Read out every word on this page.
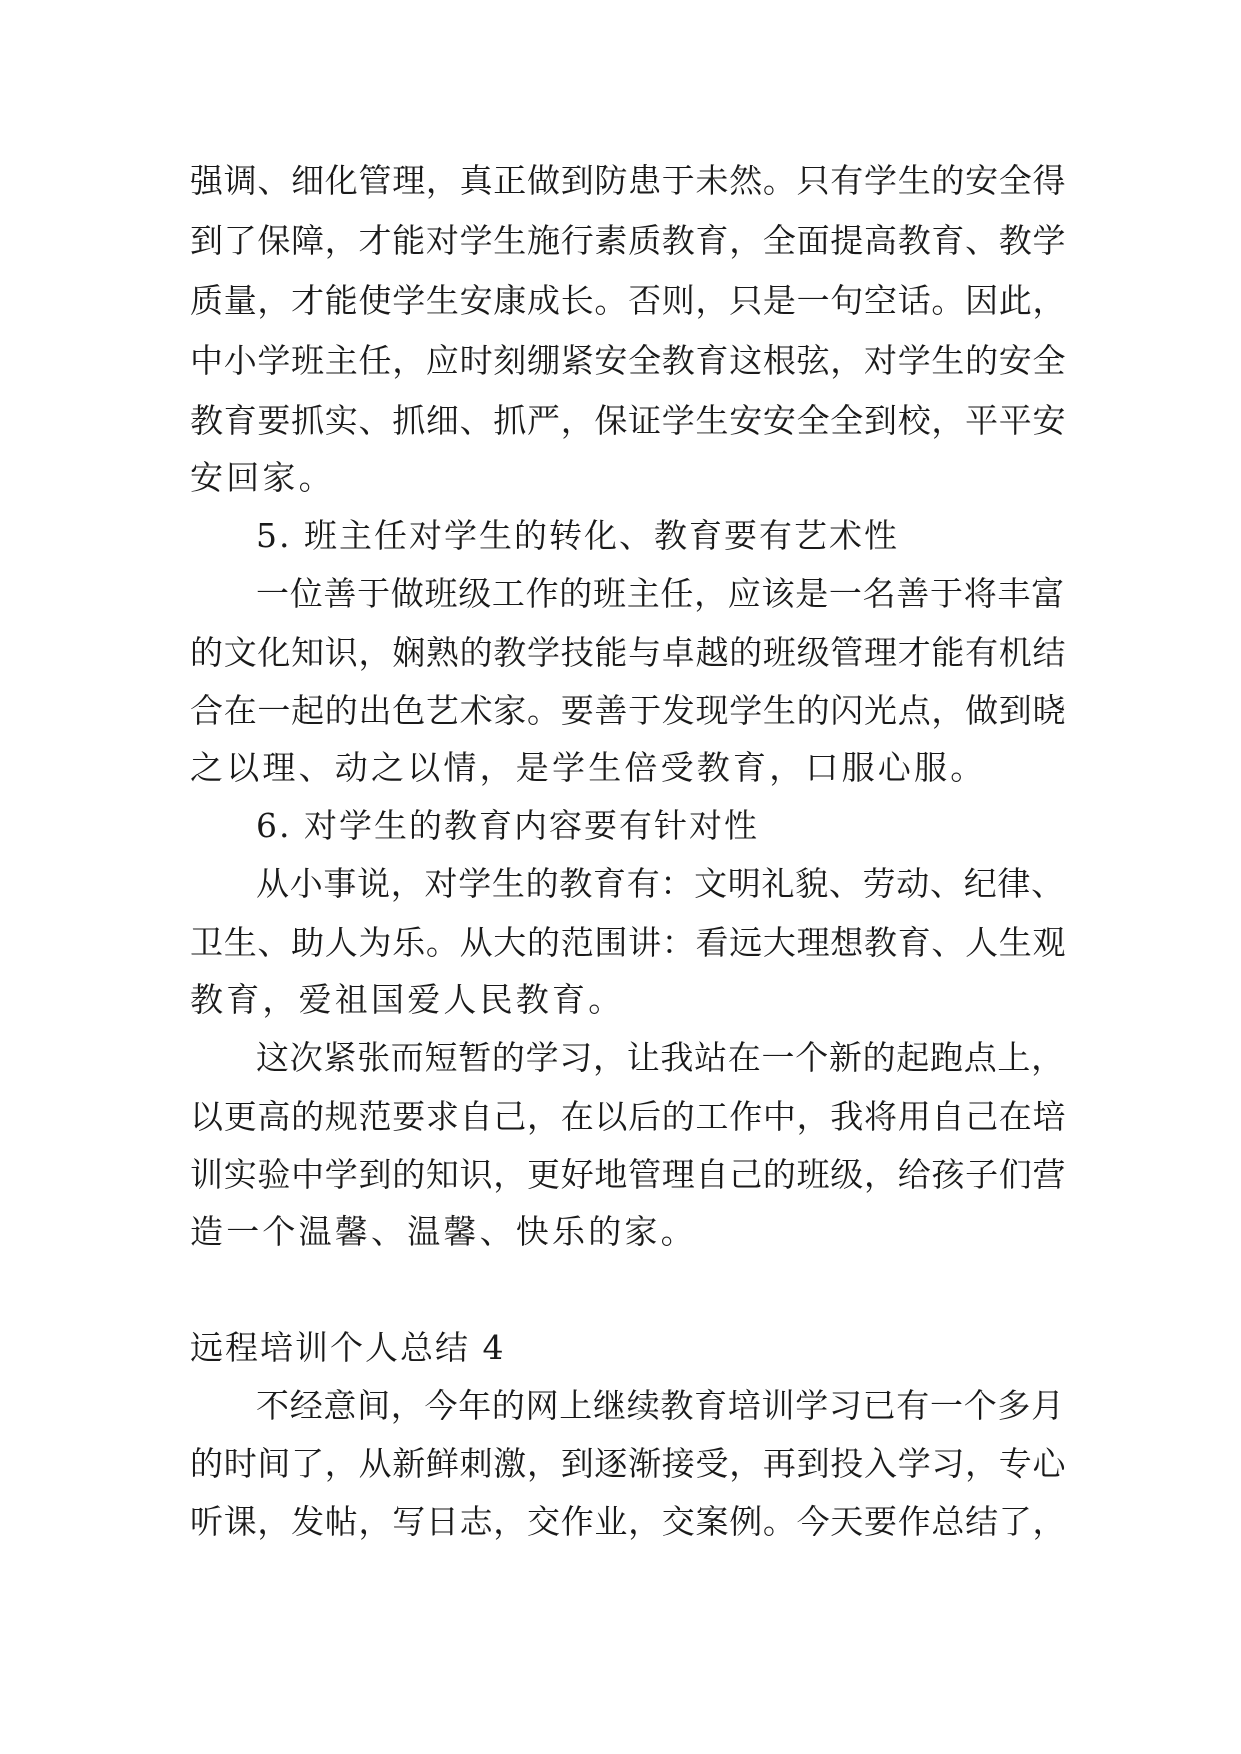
强调、细化管理，真正做到防患于未然。只有学生的安全得
到了保障，才能对学生施行素质教育，全面提高教育、教学
质量，才能使学生安康成长。否则，只是一句空话。因此，
中小学班主任，应时刻绷紧安全教育这根弦，对学生的安全
教育要抓实、抓细、抓严，保证学生安安全全到校，平平安
安回家。
5. 班主任对学生的转化、教育要有艺术性
一位善于做班级工作的班主任，应该是一名善于将丰富
的文化知识，娴熟的教学技能与卓越的班级管理才能有机结
合在一起的出色艺术家。要善于发现学生的闪光点，做到晓
之以理、动之以情，是学生倍受教育，口服心服。
6. 对学生的教育内容要有针对性
从小事说，对学生的教育有：文明礼貌、劳动、纪律、
卫生、助人为乐。从大的范围讲：看远大理想教育、人生观
教育，爱祖国爱人民教育。
这次紧张而短暂的学习，让我站在一个新的起跑点上，
以更高的规范要求自己，在以后的工作中，我将用自己在培
训实验中学到的知识，更好地管理自己的班级，给孩子们营
造一个温馨、温馨、快乐的家。
远程培训个人总结 4
不经意间，今年的网上继续教育培训学习已有一个多月
的时间了，从新鲜刺激，到逐渐接受，再到投入学习，专心
听课，发帖，写日志，交作业，交案例。今天要作总结了，
